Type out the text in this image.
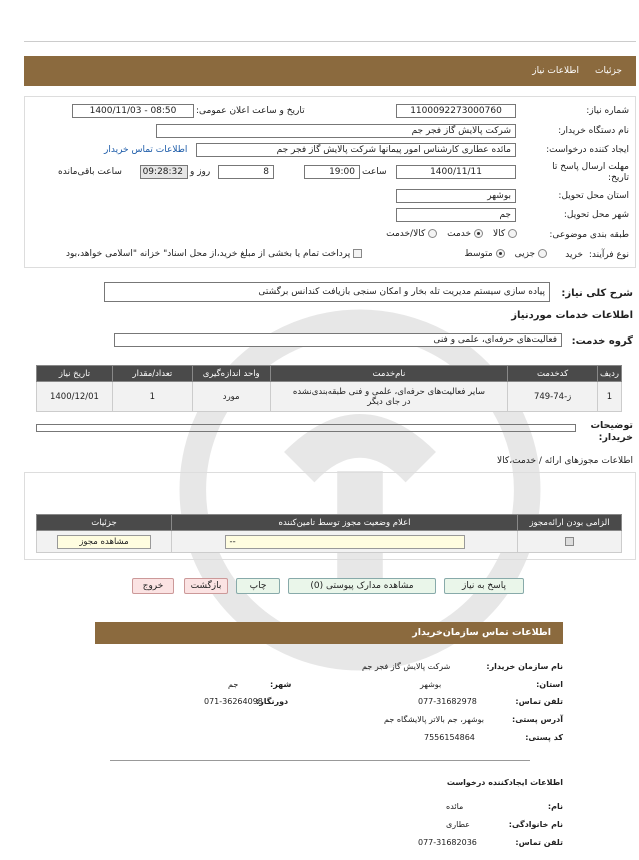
جزئیات
اطلاعات نیاز
شماره نیاز:
1100092273000760
تاریخ و ساعت اعلان عمومی:
1400/11/03 - 08:50
نام دستگاه خریدار:
شرکت پالایش گاز فجر جم
ایجاد کننده درخواست:
مائده عطاری کارشناس امور پیمانها شرکت پالایش گاز فجر جم
اطلاعات تماس خریدار
مهلت ارسال پاسخ تا تاریخ:
1400/11/11
ساعت
19:00
8
روز و
09:28:32
ساعت باقی‌مانده
استان محل تحویل:
بوشهر
شهر محل تحویل:
جم
طبقه بندی موضوعی:
کالا
خدمت
کالا/خدمت
نوع فرآیند:
خرید
جزیی
متوسط
پرداخت تمام یا بخشی از مبلغ خرید،از محل اسناد" خزانه "اسلامی خواهد،بود
شرح کلی نیاز:
پیاده سازی سیستم مدیریت تله بخار و امکان سنجی بازیافت کندانس برگشتی
اطلاعات خدمات موردنیاز
گروه خدمت:
فعالیت‌های حرفه‌ای، علمی و فنی
ردیف	کدخدمت	نام‌خدمت	واحد اندازه‌گیری	تعداد/مقدار	تاریخ نیاز
1	ز-74-749	سایر فعالیت‌های حرفه‌ای، علمی و فنی طبقه‌بندی‌نشده در جای دیگر	مورد	1	1400/12/01
توضیحات خریدار:
اطلاعات مجوزهای ارائه / خدمت،کالا
الزامی بودن ارائه‌مجوز	اعلام وضعیت مجوز توسط تامین‌کننده	جزئیات

	--	مشاهده مجوز
پاسخ به نیاز
مشاهده مدارک پیوستی (0)
چاپ
بازگشت
خروج
اطلاعات تماس سازمان‌خریدار
نام سازمان خریدار:
شرکت پالایش گاز فجر جم
استان:
بوشهر
شهر:
جم
تلفن تماس:
077-31682978
دورنگار:
071-36264098
آدرس پستی:
بوشهر، جم بالاتر پالایشگاه جم
کد پستی:
7556154864
اطلاعات ایجادکننده درخواست
نام:
مائده
نام خانوادگی:
عطاری
تلفن تماس:
077-31682036
